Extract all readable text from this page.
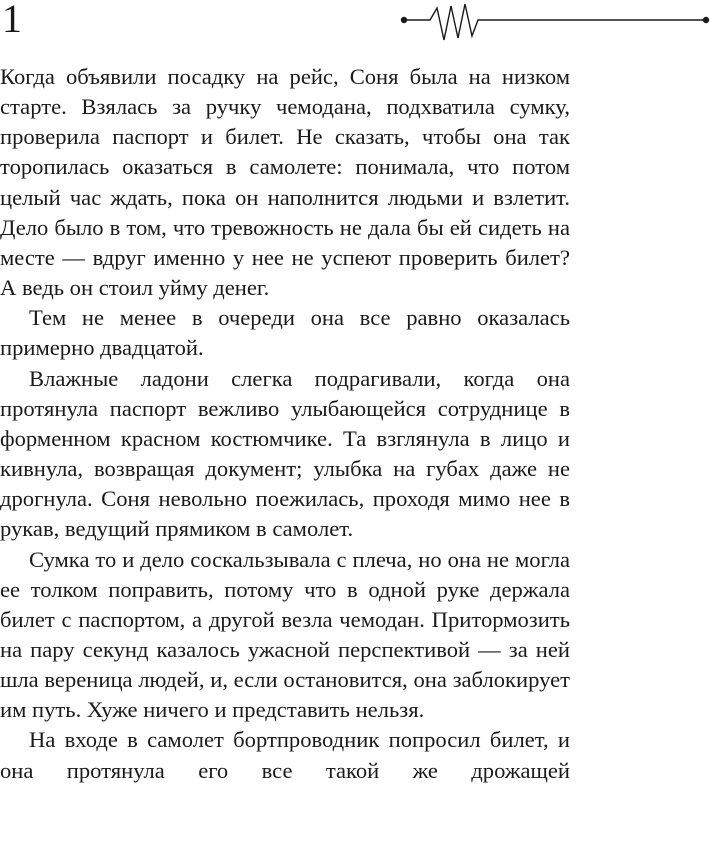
1

Когда объявили посадку на рейс, Соня была на низком старте. Взялась за ручку чемодана, подхватила сумку, проверила паспорт и билет. Не сказать, чтобы она так торопилась оказаться в самолете: понимала, что потом целый час ждать, пока он наполнится людьми и взлетит. Дело было в том, что тревожность не дала бы ей сидеть на месте — вдруг именно у нее не успеют проверить билет? А ведь он стоил уйму денег.

Тем не менее в очереди она все равно оказалась примерно двадцатой.

Влажные ладони слегка подрагивали, когда она протянула паспорт вежливо улыбающейся сотруднице в форменном красном костюмчике. Та взглянула в лицо и кивнула, возвращая документ; улыбка на губах даже не дрогнула. Соня невольно поежилась, проходя мимо нее в рукав, ведущий прямиком в самолет.

Сумка то и дело соскальзывала с плеча, но она не могла ее толком поправить, потому что в одной руке держала билет с паспортом, а другой везла чемодан. Притормозить на пару секунд казалось ужасной перспективой — за ней шла вереница людей, и, если остановится, она заблокирует им путь. Хуже ничего и представить нельзя.

На входе в самолет бортпроводник попросил билет, и она протянула его все такой же дрожащей
